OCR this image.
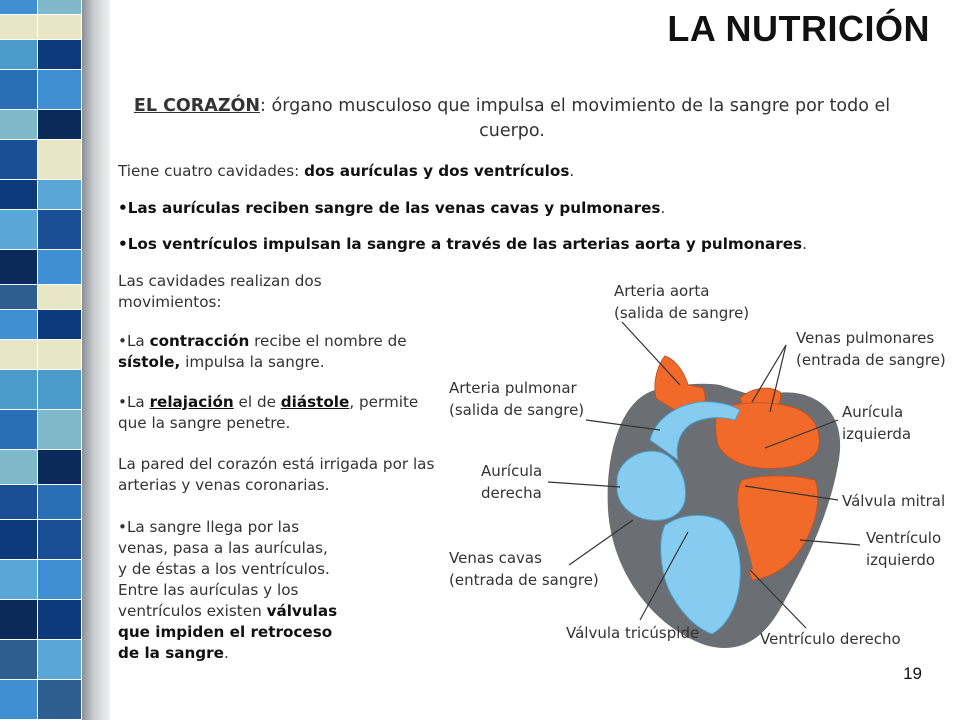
LA NUTRICIÓN
EL CORAZÓN: órgano musculoso que impulsa el movimiento de la sangre por todo el cuerpo.

Tiene cuatro cavidades: dos aurículas y dos ventrículos.

•Las aurículas reciben sangre de las venas cavas y pulmonares.

•Los ventrículos impulsan la sangre a través de las arterias aorta y pulmonares.

Las cavidades realizan dos movimientos:

•La contracción recibe el nombre de sístole, impulsa la sangre.

•La relajación el de diástole, permite que la sangre penetre.

La pared del corazón está irrigada por las arterias y venas coronarias.

•La sangre llega por las
venas, pasa a las aurículas,
y de éstas a los ventrículos.
Entre las aurículas y los
ventrículos existen válvulas
que impiden el retroceso
de la sangre.
Arteria aorta
(salida de sangre)
Venas pulmonares
(entrada de sangre)
Arteria pulmonar
(salida de sangre)	Aurícula
izquierda
Aurícula
derecha	Válvula mitral
Ventrículo
izquierdo
Venas cavas
(entrada de sangre)
Válvula tricúspide	Ventrículo derecho
19
